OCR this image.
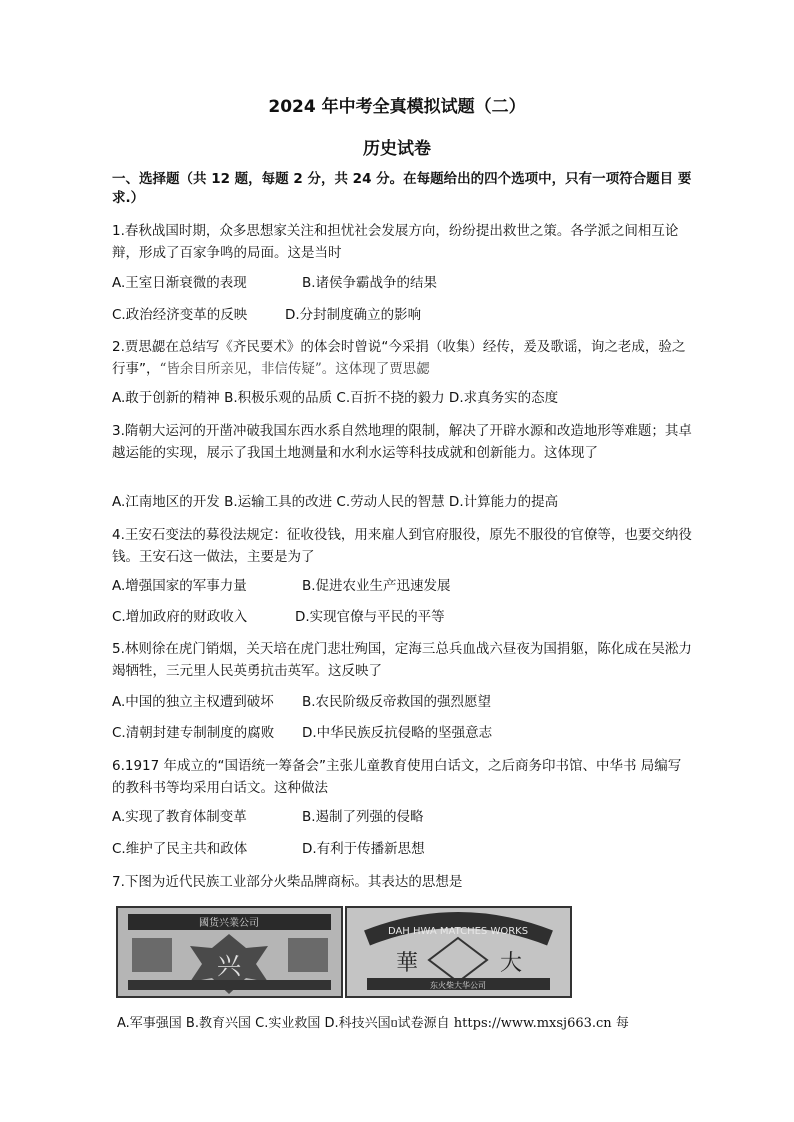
2024 年中考全真模拟试题（二）
历史试卷
一、选择题（共 12 题，每题 2 分，共 24 分。在每题给出的四个选项中，只有一项符合题目 要求.）
1.春秋战国时期，众多思想家关注和担忧社会发展方向，纷纷提出救世之策。各学派之间相互论辩，形成了百家争鸣的局面。这是当时
A.王室日渐衰微的表现	B.诸侯争霸战争的结果
C.政治经济变革的反映	D.分封制度确立的影响
2.贾思勰在总结写《齐民要术》的体会时曾说“今采捐（收集）经传，爰及歌谣，询之老成，验之行事”，“皆余目所亲见，非信传疑”。这体现了贾思勰
A.敢于创新的精神 B.积极乐观的品质 C.百折不挠的毅力 D.求真务实的态度
3.隋朝大运河的开凿冲破我国东西水系自然地理的限制，解决了开辟水源和改造地形等难题；其卓越运能的实现，展示了我国土地测量和水利水运等科技成就和创新能力。这体现了
A.江南地区的开发 B.运输工具的改进 C.劳动人民的智慧 D.计算能力的提高
4.王安石变法的募役法规定：征收役钱，用来雇人到官府服役，原先不服役的官僚等，也要交纳役钱。王安石这一做法，主要是为了
A.增强国家的军事力量	B.促进农业生产迅速发展
C.增加政府的财政收入	D.实现官僚与平民的平等
5.林则徐在虎门销烟，关天培在虎门悲壮殉国，定海三总兵血战六昼夜为国捐躯，陈化成在吴淞力竭牺牲，三元里人民英勇抗击英军。这反映了
A.中国的独立主权遭到破坏 B.农民阶级反帝救国的强烈愿望
C.清朝封建专制制度的腐败 D.中华民族反抗侵略的坚强意志
6.1917 年成立的“国语统一筹备会”主张儿童教育使用白话文，之后商务印书馆、中华书 局编写的教科书等均采用白话文。这种做法
A.实现了教育体制变革	B.遏制了列强的侵略
C.维护了民主共和政体	D.有利于传播新思想
7.下图为近代民族工业部分火柴品牌商标。其表达的思想是
國货兴業公司
兴
DAH HWA MATCHES WORKS
華	大
东火柴大华公司
A.军事强国 B.教育兴国 C.实业救国 D.科技兴国ᥝ试卷源自 https://www.mxsj663.cn 每
